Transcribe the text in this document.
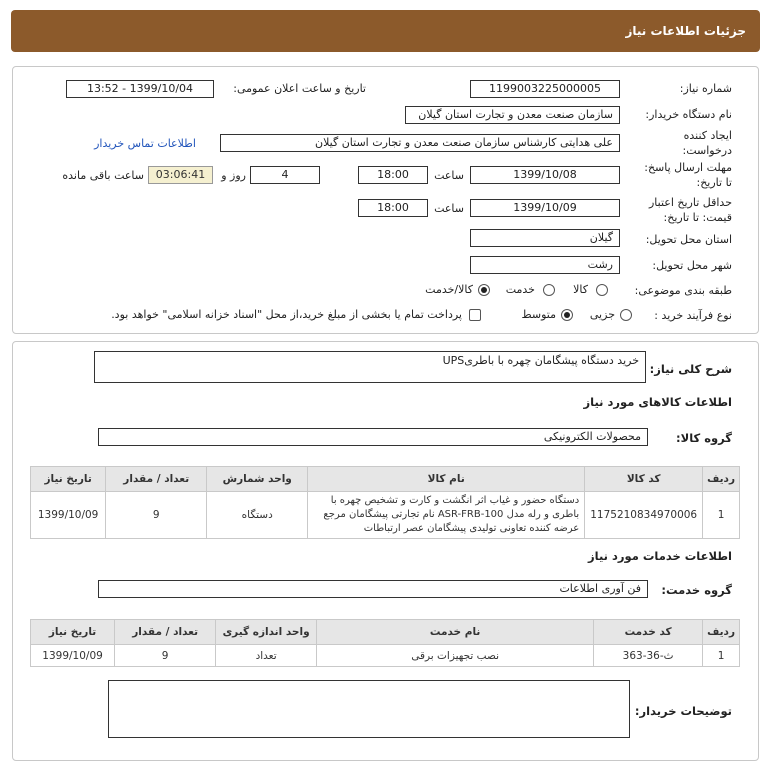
جزئیات اطلاعات نیاز
شماره نیاز:
1199003225000005
تاریخ و ساعت اعلان عمومی:
1399/10/04 - 13:52
نام دستگاه خریدار:
سازمان صنعت معدن و تجارت استان گیلان
ایجاد کننده
درخواست:
علی هدایتی کارشناس سازمان صنعت معدن و تجارت استان گیلان
اطلاعات تماس خریدار
مهلت ارسال پاسخ:
تا تاریخ:
1399/10/08
ساعت
18:00
4
روز و
03:06:41
ساعت باقی مانده
حداقل تاریخ اعتبار
قیمت: تا تاریخ:
1399/10/09
ساعت
18:00
استان محل تحویل:
گیلان
شهر محل تحویل:
رشت
طبقه بندی موضوعی:
کالا
خدمت
کالا/خدمت
نوع فرآیند خرید :
جزیی
متوسط
پرداخت تمام یا بخشی از مبلغ خرید،از محل "اسناد خزانه اسلامی" خواهد بود.
شرح کلی نیاز:
خرید دستگاه پیشگامان چهره با باطریUPS
اطلاعات کالاهای مورد نیاز
گروه کالا:
محصولات الکترونیکی
ردیف	کد کالا	نام کالا	واحد شمارش	تعداد / مقدار	تاریخ نیاز
1	1175210834970006	دستگاه حضور و غیاب اثر انگشت و کارت و تشخیص چهره با باطری و رله مدل ASR-FRB-100 نام تجارتی پیشگامان مرجع عرضه کننده تعاونی تولیدی پیشگامان عصر ارتباطات	دستگاه	9	1399/10/09
اطلاعات خدمات مورد نیاز
گروه خدمت:
فن آوری اطلاعات
ردیف	کد خدمت	نام خدمت	واحد اندازه گیری	تعداد / مقدار	تاریخ نیاز
1	ث-36-363	نصب تجهیزات برقی	تعداد	9	1399/10/09
توضیحات خریدار:
